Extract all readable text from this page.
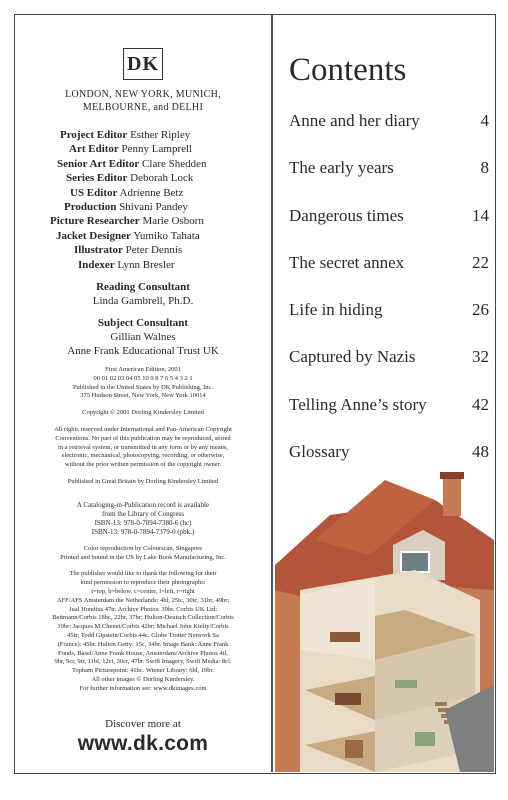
DK
LONDON, NEW YORK, MUNICH,
MELBOURNE, and DELHI
Project Editor Esther Ripley
Art Editor Penny Lamprell
Senior Art Editor Clare Shedden
Series Editor Deborah Lock
US Editor Adrienne Betz
Production Shivani Pandey
Picture Researcher Marie Osborn
Jacket Designer Yumiko Tahata
Illustrator Peter Dennis
Indexer Lynn Bresler
Reading Consultant
Linda Gambrell, Ph.D.
Subject Consultant
Gillian Walnes
Anne Frank Educational Trust UK
First American Edition, 2001
00 01 02 03 04 05 10 9 8 7 6 5 4 3 2 1
Published in the United States by DK Publishing, Inc.
375 Hudson Street, New York, New York 10014
Copyright © 2001 Dorling Kindersley Limited
All rights reserved under International and Pan-American Copyright
Conventions. No part of this publication may be reproduced, stored
in a retrieval system, or transmitted in any form or by any means,
electronic, mechanical, photocopying, recording, or otherwise,
without the prior written permission of the copyright owner.
Published in Great Britain by Dorling Kindersley Limited
A Cataloging-in-Publication record is available
from the Library of Congress
ISBN-13: 978-0-7894-7380-6 (hc)
ISBN-13: 978-0-7894-7379-0 (pbk.)
Color reproduction by Colourscan, Singapore
Printed and bound in the US by Lake Book Manufacturing, Inc.
The publisher would like to thank the following for their
kind permission to reproduce their photographs:
t=top, b=below, c=center, l=left, r=right
AFF/AFS Amsterdam the Netherlands: 4bl, 25tc, 30tc, 31br, 49br;
Jual Hondius 47tr. Archive Photos: 39br. Corbis UK Ltd:
Bettmann/Corbis 18bc, 22br, 37br; Hulton-Deutsch Collection/Corbis
10br; Jacques M.Chenet/Corbis 42br; Michael John Kielty/Corbis
45tr; Todd Gipstein/Corbis 44c. Globe Trotter Network Sa
(France): 45br. Hulton Getty: 15c, 34br. Image Bank: Anne Frank
Fonds, Basel/Anne Frank House, Amsterdam/Archive Photos 4tl,
9br, 9cr, 9tr, 11bl, 12ct, 30cr, 47br. Swift Imagery, Swift Media: 8cl.
Topham Picturepoint: 41bc. Wiener Library: 6bl, 19br.
All other images © Dorling Kindersley.
For further information see: www.dkimages.com
Discover more at
www.dk.com
Contents
Anne and her diary	4
The early years	8
Dangerous times	14
The secret annex	22
Life in hiding	26
Captured by Nazis	32
Telling Anne’s story	42
Glossary	48
